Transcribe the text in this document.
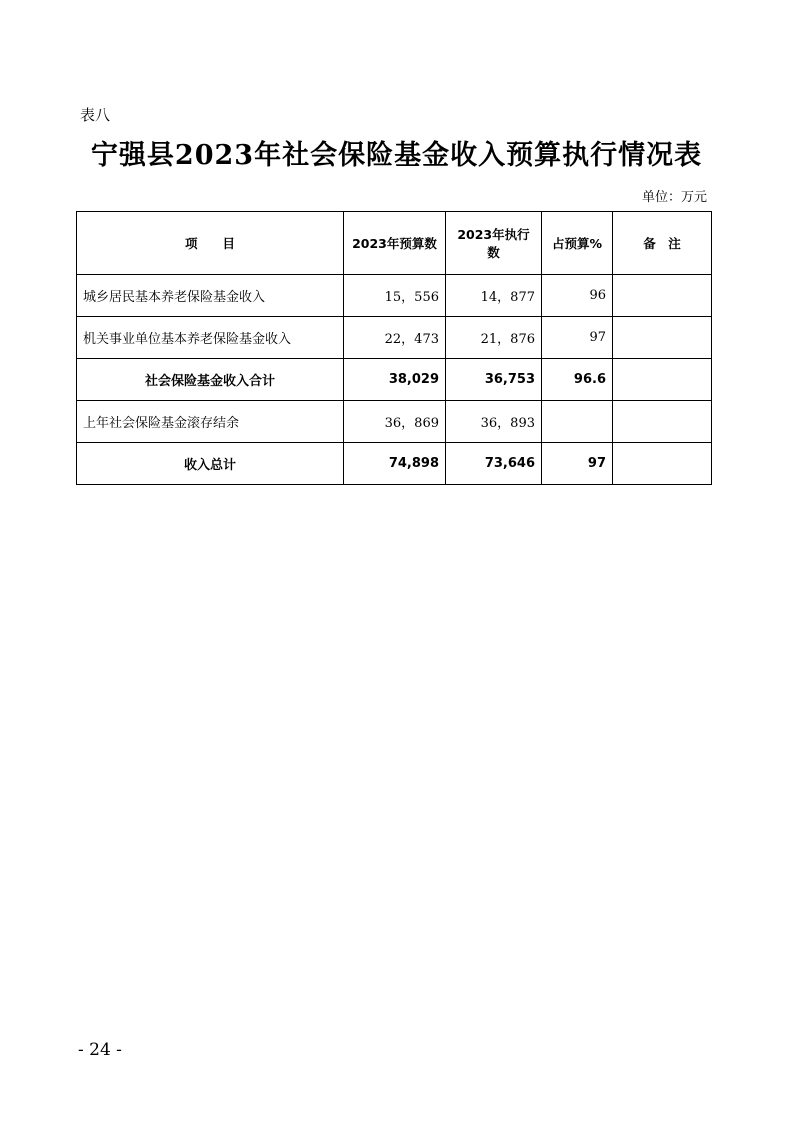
表八
宁强县2023年社会保险基金收入预算执行情况表
单位：万元
项　　目	2023年预算数	2023年执行数	占预算%	备　注
城乡居民基本养老保险基金收入	15，556	14，877	96	
机关事业单位基本养老保险基金收入	22，473	21，876	97	
社会保险基金收入合计	38,029	36,753	96.6	
上年社会保险基金滚存结余	36，869	36，893		
收入总计	74,898	73,646	97	
- 24 -
